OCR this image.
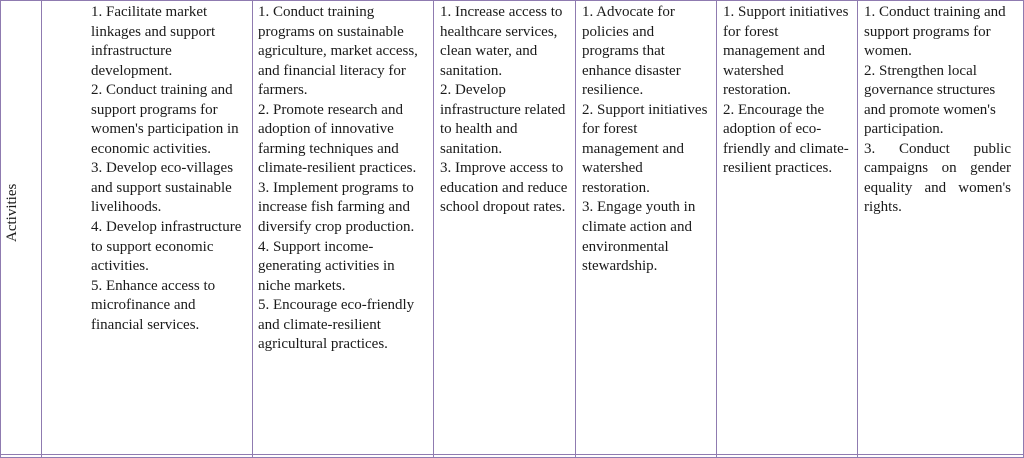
Activities

1. Facilitate market linkages and support infrastructure development.

2. Conduct training and support programs for women's participation in economic activities.

3. Develop eco-villages and support sustainable livelihoods.

4. Develop infrastructure to support economic activities.

5. Enhance access to microfinance and financial services.

1. Conduct training programs on sustainable agriculture, market access, and financial literacy for farmers.

2. Promote research and adoption of innovative farming techniques and climate-resilient practices.

3. Implement programs to increase fish farming and diversify crop production.

4. Support income-generating activities in niche markets.

5. Encourage eco-friendly and climate-resilient agricultural practices.

1. Increase access to healthcare services, clean water, and sanitation.

2. Develop infrastructure related to health and sanitation.

3. Improve access to education and reduce school dropout rates.

1. Advocate for policies and programs that enhance disaster resilience.

2. Support initiatives for forest management and watershed restoration.

3. Engage youth in climate action and environmental stewardship.

1. Support initiatives for forest management and watershed restoration.

2. Encourage the adoption of eco-friendly and climate-resilient practices.

1. Conduct training and support programs for women.

2. Strengthen local governance structures and promote women's participation.

3. Conduct public campaigns on gender equality and women's rights.
